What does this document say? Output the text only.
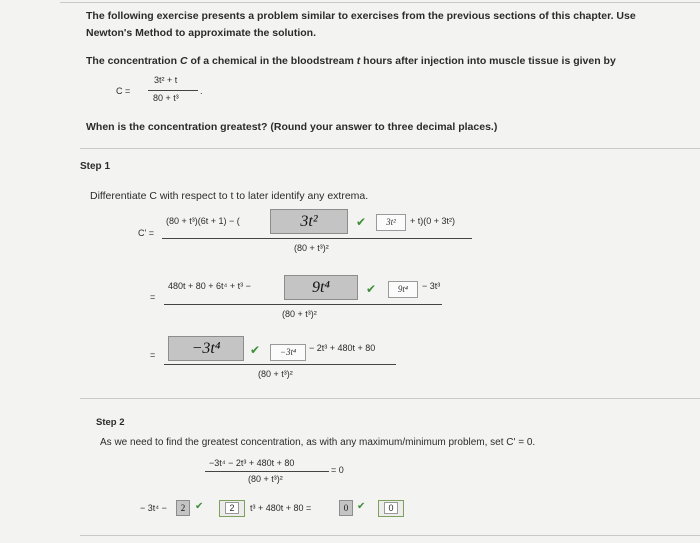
The following exercise presents a problem similar to exercises from the previous sections of this chapter. Use
Newton's Method to approximate the solution.
The concentration C of a chemical in the bloodstream t hours after injection into muscle tissue is given by
C =
3t² + t
80 + t³
.
When is the concentration greatest? (Round your answer to three decimal places.)
Step 1
Differentiate C with respect to t to later identify any extrema.
C' =
(80 + t³)(6t + 1) − (	3t²	✔	3t²	+ t)(0 + 3t²)
(80 + t³)²
=
480t + 80 + 6t⁴ + t³ −	9t⁴	✔	9t⁴	− 3t³
(80 + t³)²
=	−3t⁴	✔	−3t⁴	− 2t³ + 480t + 80
(80 + t³)²
Step 2
As we need to find the greatest concentration, as with any maximum/minimum problem, set C' = 0.
−3t⁴ − 2t³ + 480t + 80
(80 + t³)²
= 0
− 3t⁴ −	2 ✔	2	t³ + 480t + 80 =	0 ✔	0
